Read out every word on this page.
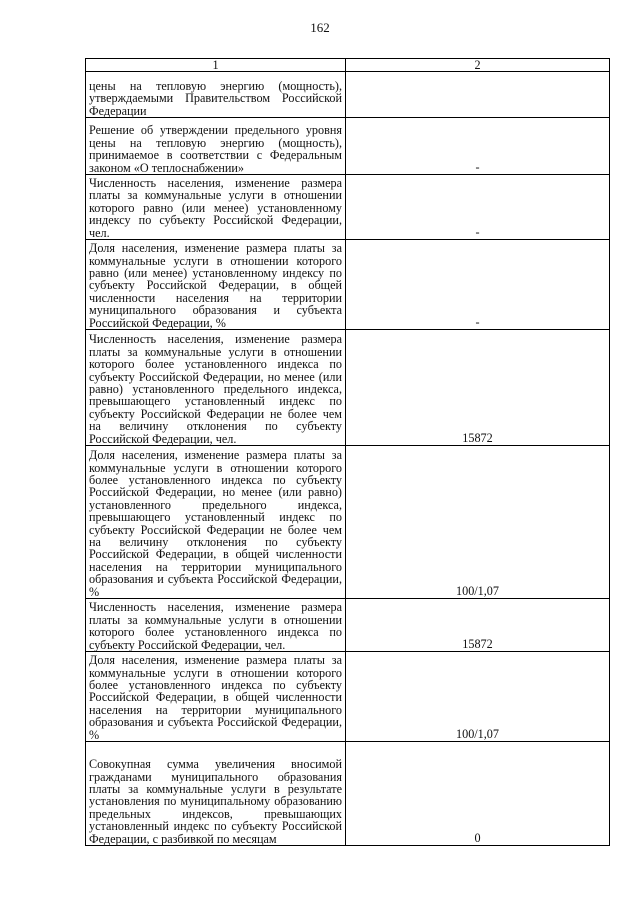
162
1	2
цены на тепловую энергию (мощность), утверждаемыми Правительством Российской Федерации	
Решение об утверждении предельного уровня цены на тепловую энергию (мощность), принимаемое в соответствии с Федеральным законом «О теплоснабжении»	-
Численность населения, изменение размера платы за коммунальные услуги в отношении которого равно (или менее) установленному индексу по субъекту Российской Федерации, чел.	-
Доля населения, изменение размера платы за коммунальные услуги в отношении которого равно (или менее) установленному индексу по субъекту Российской Федерации, в общей численности населения на территории муниципального образования и субъекта Российской Федерации, %	-
Численность населения, изменение размера платы за коммунальные услуги в отношении которого более установленного индекса по субъекту Российской Федерации, но менее (или равно) установленного предельного индекса, превышающего установленный индекс по субъекту Российской Федерации не более чем на величину отклонения по субъекту Российской Федерации, чел.	15872
Доля населения, изменение размера платы за коммунальные услуги в отношении которого более установленного индекса по субъекту Российской Федерации, но менее (или равно) установленного предельного индекса, превышающего установленный индекс по субъекту Российской Федерации не более чем на величину отклонения по субъекту Российской Федерации, в общей численности населения на территории муниципального образования и субъекта Российской Федерации, %	100/1,07
Численность населения, изменение размера платы за коммунальные услуги в отношении которого более установленного индекса по субъекту Российской Федерации, чел.	15872
Доля населения, изменение размера платы за коммунальные услуги в отношении которого более установленного индекса по субъекту Российской Федерации, в общей численности населения на территории муниципального образования и субъекта Российской Федерации, %	100/1,07
Совокупная сумма увеличения вносимой гражданами муниципального образования платы за коммунальные услуги в результате установления по муниципальному образованию предельных индексов, превышающих установленный индекс по субъекту Российской Федерации, с разбивкой по месяцам	0
